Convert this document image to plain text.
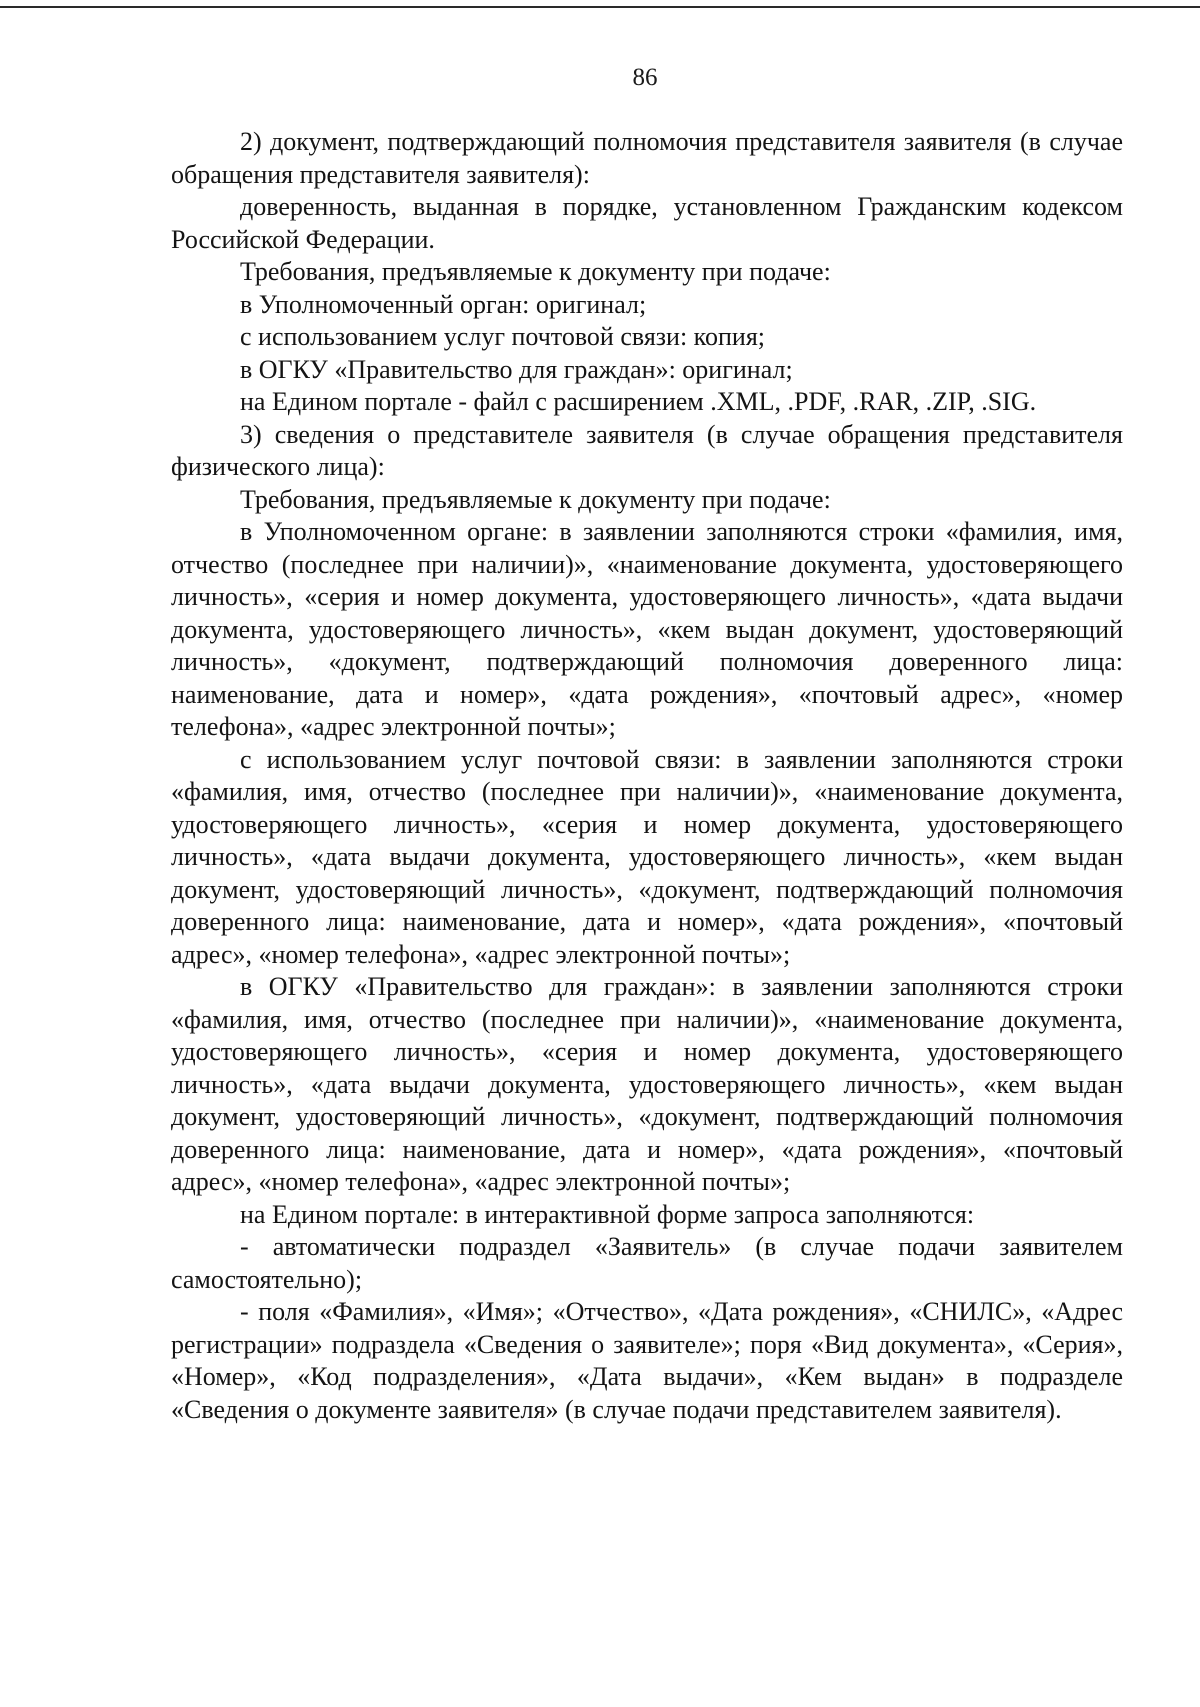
86

2) документ, подтверждающий полномочия представителя заявителя (в случае обращения представителя заявителя):

доверенность, выданная в порядке, установленном Гражданским кодексом Российской Федерации.

Требования, предъявляемые к документу при подаче:

в Уполномоченный орган: оригинал;

с использованием услуг почтовой связи: копия;

в ОГКУ «Правительство для граждан»: оригинал;

на Едином портале - файл с расширением .XML, .PDF, .RAR, .ZIP, .SIG.

3) сведения о представителе заявителя (в случае обращения представителя физического лица):

Требования, предъявляемые к документу при подаче:

в Уполномоченном органе: в заявлении заполняются строки «фамилия, имя, отчество (последнее при наличии)», «наименование документа, удостоверяющего личность», «серия и номер документа, удостоверяющего личность», «дата выдачи документа, удостоверяющего личность», «кем выдан документ, удостоверяющий личность», «документ, подтверждающий полномочия доверенного лица: наименование, дата и номер», «дата рождения», «почтовый адрес», «номер телефона», «адрес электронной почты»;

с использованием услуг почтовой связи: в заявлении заполняются строки «фамилия, имя, отчество (последнее при наличии)», «наименование документа, удостоверяющего личность», «серия и номер документа, удостоверяющего личность», «дата выдачи документа, удостоверяющего личность», «кем выдан документ, удостоверяющий личность», «документ, подтверждающий полномочия доверенного лица: наименование, дата и номер», «дата рождения», «почтовый адрес», «номер телефона», «адрес электронной почты»;

в ОГКУ «Правительство для граждан»: в заявлении заполняются строки «фамилия, имя, отчество (последнее при наличии)», «наименование документа, удостоверяющего личность», «серия и номер документа, удостоверяющего личность», «дата выдачи документа, удостоверяющего личность», «кем выдан документ, удостоверяющий личность», «документ, подтверждающий полномочия доверенного лица: наименование, дата и номер», «дата рождения», «почтовый адрес», «номер телефона», «адрес электронной почты»;

на Едином портале: в интерактивной форме запроса заполняются:

- автоматически подраздел «Заявитель» (в случае подачи заявителем самостоятельно);

- поля «Фамилия», «Имя»; «Отчество», «Дата рождения», «СНИЛС», «Адрес регистрации» подраздела «Сведения о заявителе»; поря «Вид документа», «Серия», «Номер», «Код подразделения», «Дата выдачи», «Кем выдан» в подразделе «Сведения о документе заявителя» (в случае подачи представителем заявителя).
